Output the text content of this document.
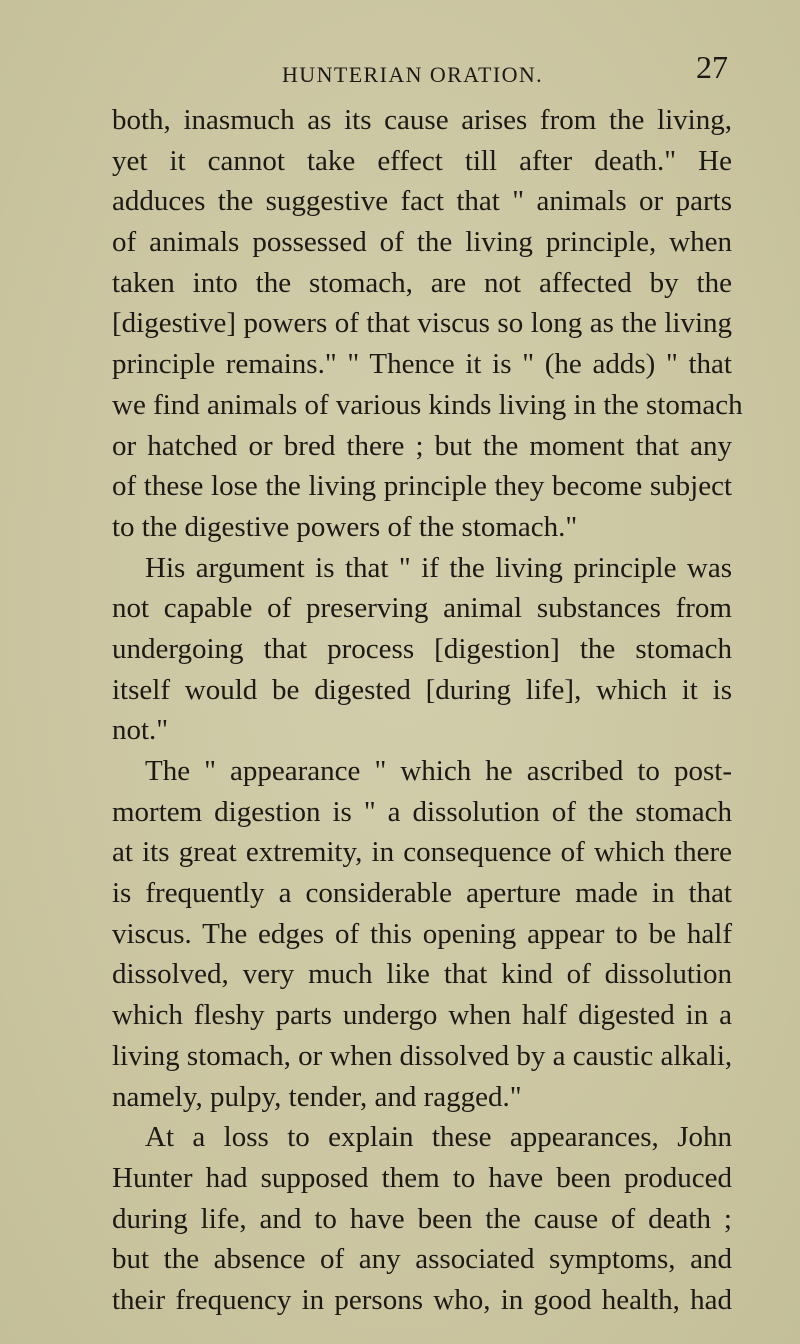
HUNTERIAN ORATION.	27
both, inasmuch as its cause arises from the living,
yet it cannot take effect till after death." He
adduces the suggestive fact that " animals or parts
of animals possessed of the living principle, when
taken into the stomach, are not affected by the
[digestive] powers of that viscus so long as the living
principle remains." " Thence it is " (he adds) " that
we find animals of various kinds living in the stomach
or hatched or bred there ; but the moment that any
of these lose the living principle they become subject
to the digestive powers of the stomach."
His argument is that " if the living principle was
not capable of preserving animal substances from
undergoing that process [digestion] the stomach
itself would be digested [during life], which it is
not."
The " appearance " which he ascribed to post-
mortem digestion is " a dissolution of the stomach
at its great extremity, in consequence of which there
is frequently a considerable aperture made in that
viscus. The edges of this opening appear to be half
dissolved, very much like that kind of dissolution
which fleshy parts undergo when half digested in a
living stomach, or when dissolved by a caustic alkali,
namely, pulpy, tender, and ragged."
At a loss to explain these appearances, John
Hunter had supposed them to have been produced
during life, and to have been the cause of death ;
but the absence of any associated symptoms, and
their frequency in persons who, in good health, had
